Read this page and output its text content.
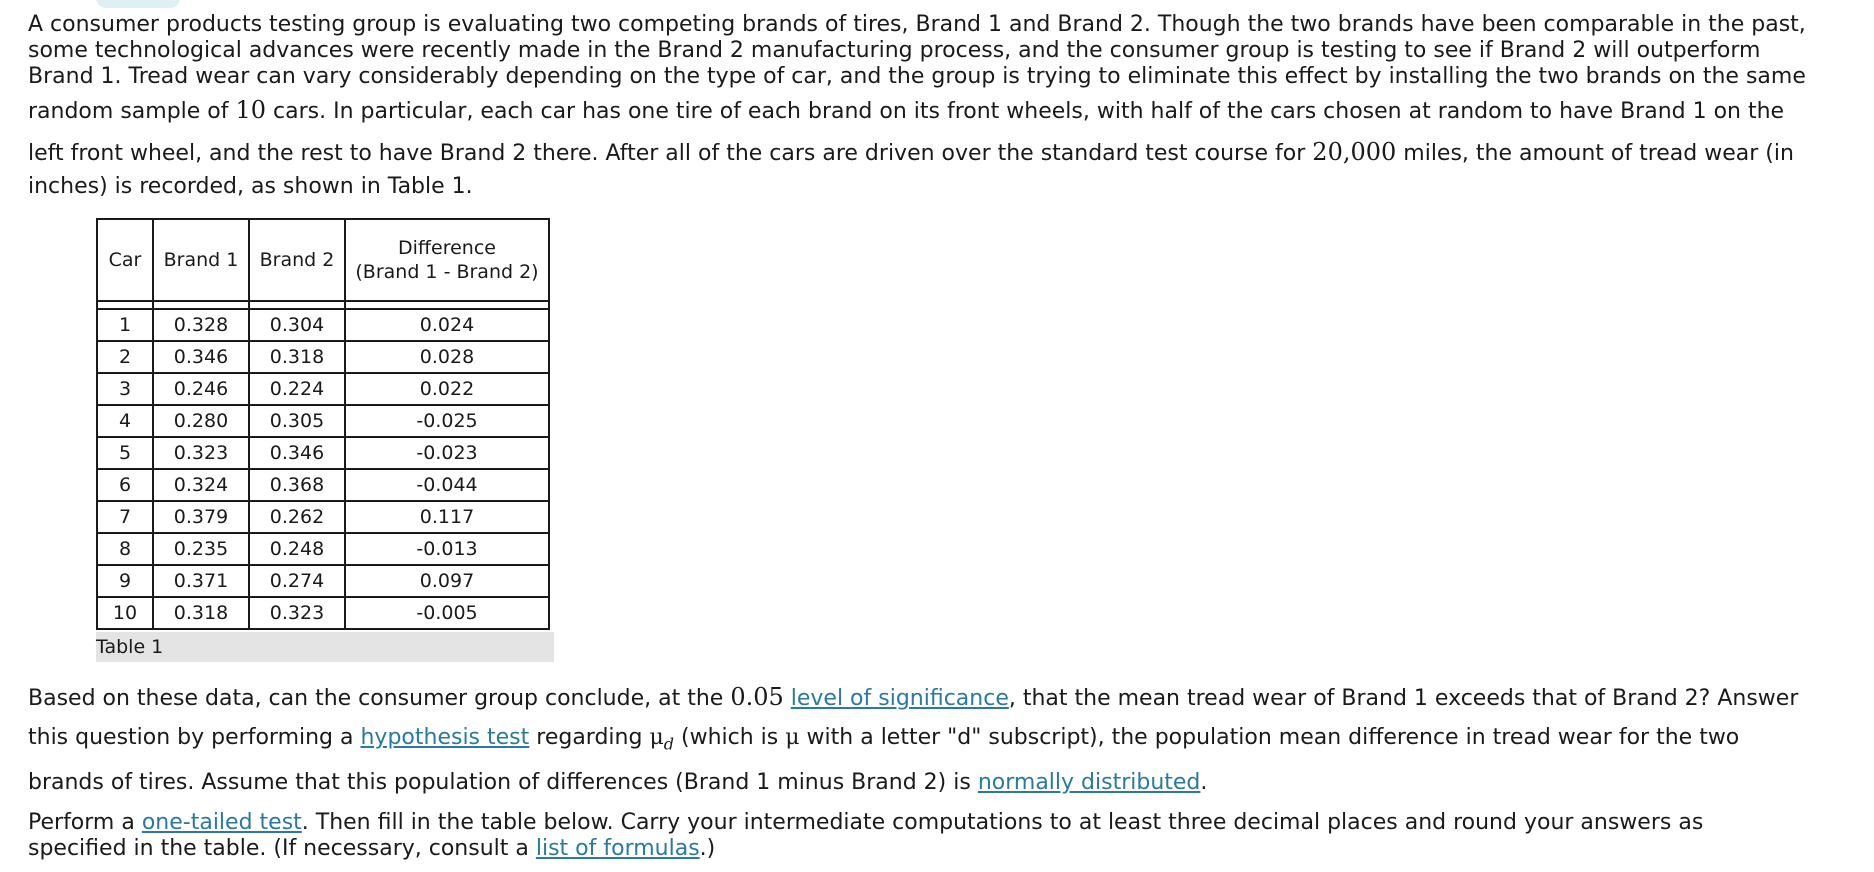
A consumer products testing group is evaluating two competing brands of tires, Brand 1 and Brand 2. Though the two brands have been comparable in the past,
some technological advances were recently made in the Brand 2 manufacturing process, and the consumer group is testing to see if Brand 2 will outperform
Brand 1. Tread wear can vary considerably depending on the type of car, and the group is trying to eliminate this effect by installing the two brands on the same
random sample of 10 cars. In particular, each car has one tire of each brand on its front wheels, with half of the cars chosen at random to have Brand 1 on the
left front wheel, and the rest to have Brand 2 there. After all of the cars are driven over the standard test course for 20,000 miles, the amount of tread wear (in
inches) is recorded, as shown in Table 1.

Car	Brand 1	Brand 2	Difference
(Brand 1 - Brand 2)

1	0.328	0.304	0.024
2	0.346	0.318	0.028
3	0.246	0.224	0.022
4	0.280	0.305	-0.025
5	0.323	0.346	-0.023
6	0.324	0.368	-0.044
7	0.379	0.262	0.117
8	0.235	0.248	-0.013
9	0.371	0.274	0.097
10	0.318	0.323	-0.005
Table 1

Based on these data, can the consumer group conclude, at the 0.05 level of significance, that the mean tread wear of Brand 1 exceeds that of Brand 2? Answer
this question by performing a hypothesis test regarding $\mu_d$ (which is μ with a letter "d" subscript), the population mean difference in tread wear for the two
brands of tires. Assume that this population of differences (Brand 1 minus Brand 2) is normally distributed.

Perform a one-tailed test. Then fill in the table below. Carry your intermediate computations to at least three decimal places and round your answers as
specified in the table. (If necessary, consult a list of formulas.)
